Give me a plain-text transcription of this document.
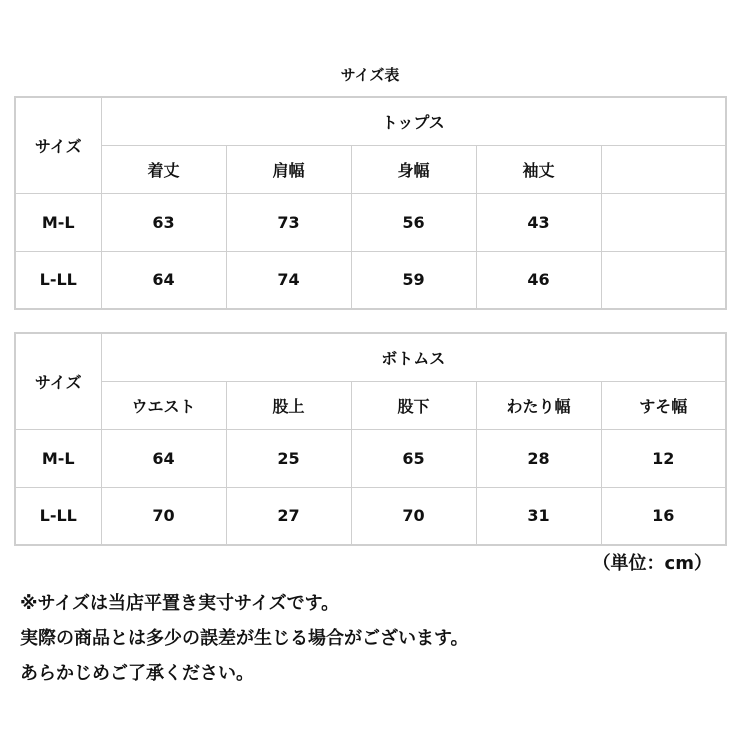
サイズ表
サイズ	トップス				
	着丈	肩幅	身幅	袖丈	
M-L	63	73	56	43	
L-LL	64	74	59	46	
サイズ	ボトムス				
	ウエスト	股上	股下	わたり幅	すそ幅
M-L	64	25	65	28	12
L-LL	70	27	70	31	16
（単位：cm）
※サイズは当店平置き実寸サイズです。
実際の商品とは多少の誤差が生じる場合がございます。
あらかじめご了承ください。
